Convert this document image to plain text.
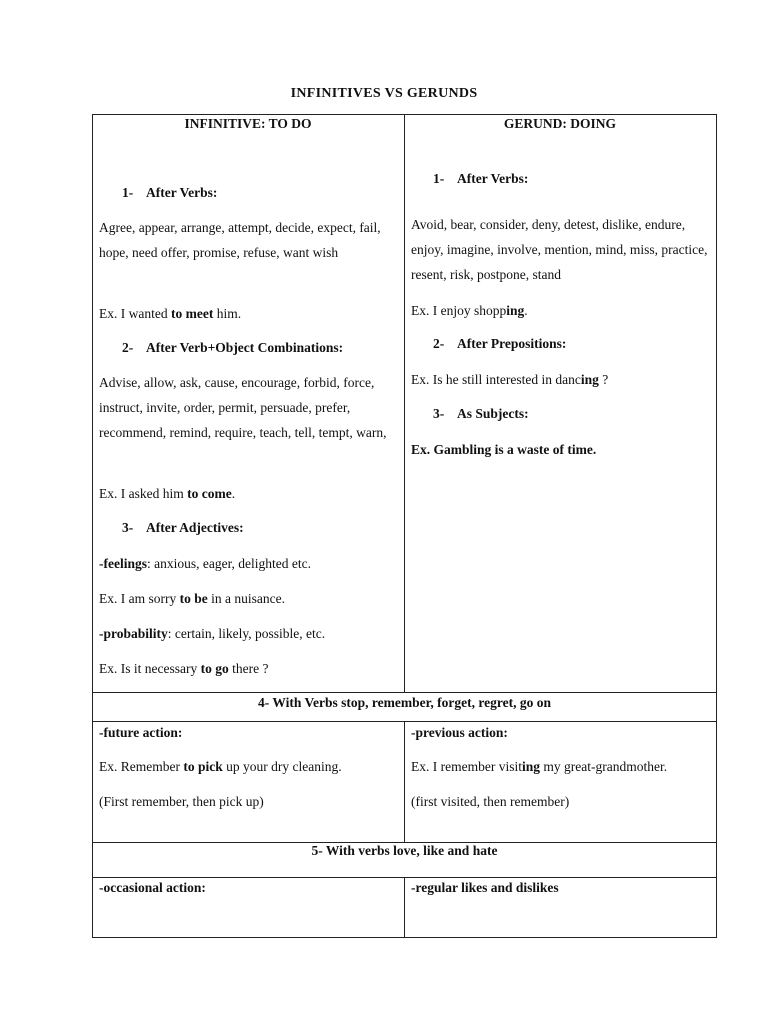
INFINITIVES VS GERUNDS
INFINITIVE: TO DO
1- After Verbs:

Agree, appear, arrange, attempt, decide, expect, fail, hope, need offer, promise, refuse, want wish

Ex. I wanted to meet him.

2- After Verb+Object Combinations:

Advise, allow, ask, cause, encourage, forbid, force, instruct, invite, order, permit, persuade, prefer, recommend, remind, require, teach, tell, tempt, warn,

Ex. I asked him to come.

3- After Adjectives:

-feelings: anxious, eager, delighted etc.

Ex. I am sorry to be in a nuisance.

-probability: certain, likely, possible, etc.

Ex. Is it necessary to go there ?

GERUND: DOING
1- After Verbs:

Avoid, bear, consider, deny, detest, dislike, endure, enjoy, imagine, involve, mention, mind, miss, practice, resent, risk, postpone, stand

Ex. I enjoy shopping.

2- After Prepositions:

Ex. Is he still interested in dancing ?

3- As Subjects:

Ex. Gambling is a waste of time.

4- With Verbs stop, remember, forget, regret, go on

-future action:

Ex. Remember to pick up your dry cleaning.

(First remember, then pick up)

-previous action:

Ex. I remember visiting my great-grandmother.

(first visited, then remember)

5- With verbs love, like and hate

-occasional action:	-regular likes and dislikes
